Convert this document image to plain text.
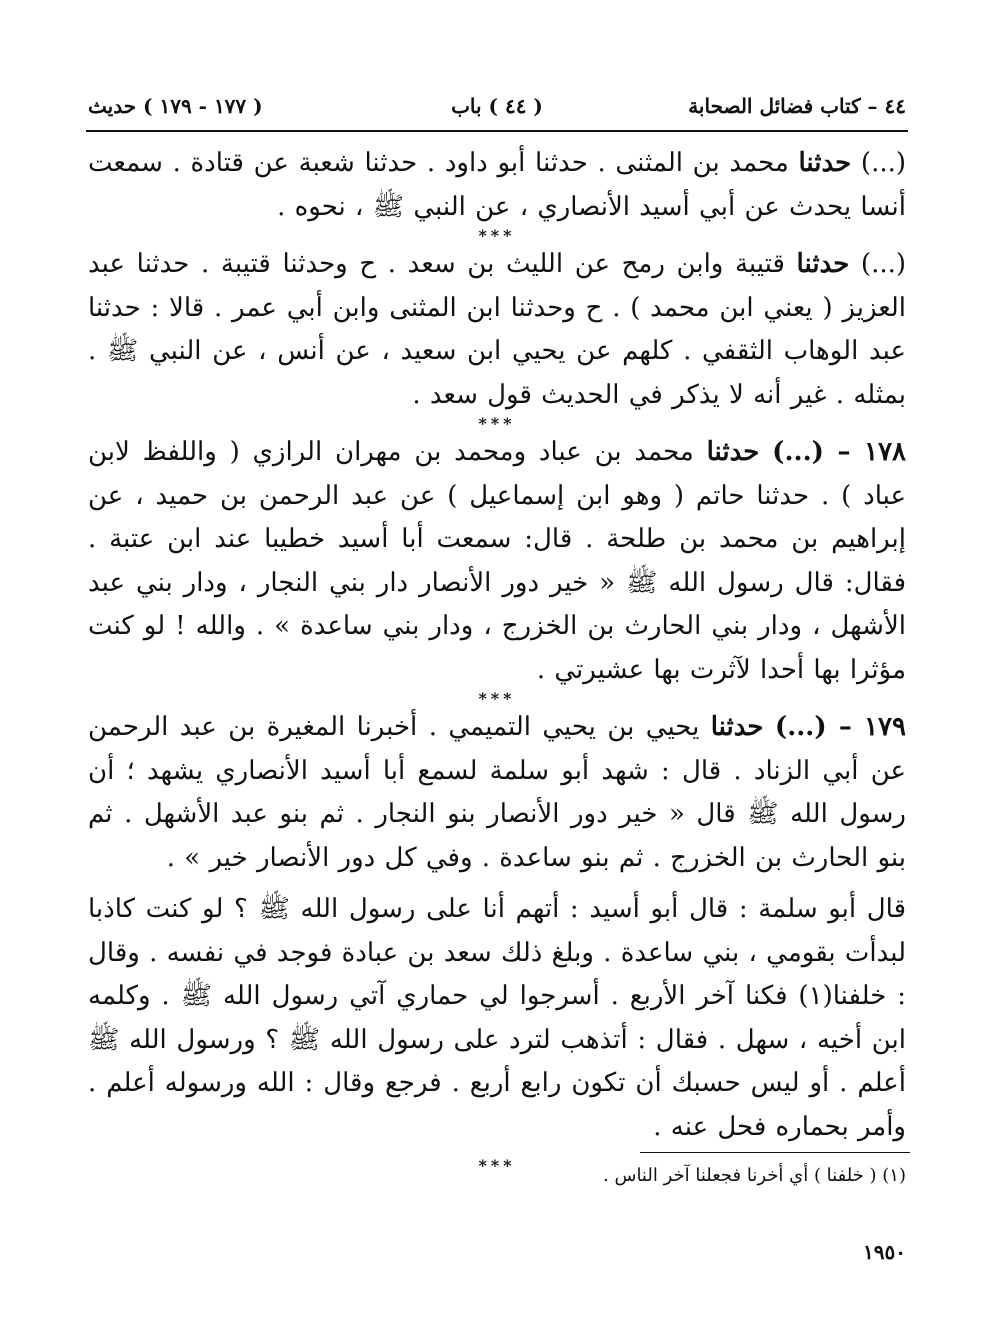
٤٤ – كتاب فضائل الصحابة
( ٤٤ ) باب
( ١٧٧ - ١٧٩ ) حديث

(...) حدثنا محمد بن المثنى . حدثنا أبو داود . حدثنا شعبة عن قتادة . سمعت أنسا يحدث عن أبي أسيد الأنصاري ، عن النبي ﷺ ، نحوه .

***

(...) حدثنا قتيبة وابن رمح عن الليث بن سعد . ح وحدثنا قتيبة . حدثنا عبد العزيز ( يعني ابن محمد ) . ح وحدثنا ابن المثنى وابن أبي عمر . قالا : حدثنا عبد الوهاب الثقفي . كلهم عن يحيي ابن سعيد ، عن أنس ، عن النبي ﷺ . بمثله . غير أنه لا يذكر في الحديث قول سعد .

***

١٧٨ – (...) حدثنا محمد بن عباد ومحمد بن مهران الرازي ( واللفظ لابن عباد ) . حدثنا حاتم ( وهو ابن إسماعيل ) عن عبد الرحمن بن حميد ، عن إبراهيم بن محمد بن طلحة . قال: سمعت أبا أسيد خطيبا عند ابن عتبة . فقال: قال رسول الله ﷺ « خير دور الأنصار دار بني النجار ، ودار بني عبد الأشهل ، ودار بني الحارث بن الخزرج ، ودار بني ساعدة » . والله ! لو كنت مؤثرا بها أحدا لآثرت بها عشيرتي .

***

١٧٩ – (...) حدثنا يحيي بن يحيي التميمي . أخبرنا المغيرة بن عبد الرحمن عن أبي الزناد . قال : شهد أبو سلمة لسمع أبا أسيد الأنصاري يشهد ؛ أن رسول الله ﷺ قال « خير دور الأنصار بنو النجار . ثم بنو عبد الأشهل . ثم بنو الحارث بن الخزرج . ثم بنو ساعدة . وفي كل دور الأنصار خير » .

قال أبو سلمة : قال أبو أسيد : أتهم أنا على رسول الله ﷺ ؟ لو كنت كاذبا لبدأت بقومي ، بني ساعدة . وبلغ ذلك سعد بن عبادة فوجد في نفسه . وقال : خلفنا(١) فكنا آخر الأربع . أسرجوا لي حماري آتي رسول الله ﷺ . وكلمه ابن أخيه ، سهل . فقال : أتذهب لترد على رسول الله ﷺ ؟ ورسول الله ﷺ أعلم . أو ليس حسبك أن تكون رابع أربع . فرجع وقال : الله ورسوله أعلم . وأمر بحماره فحل عنه .

***	(١) ( خلفنا ) أي أخرنا فجعلنا آخر الناس .
١٩٥٠
